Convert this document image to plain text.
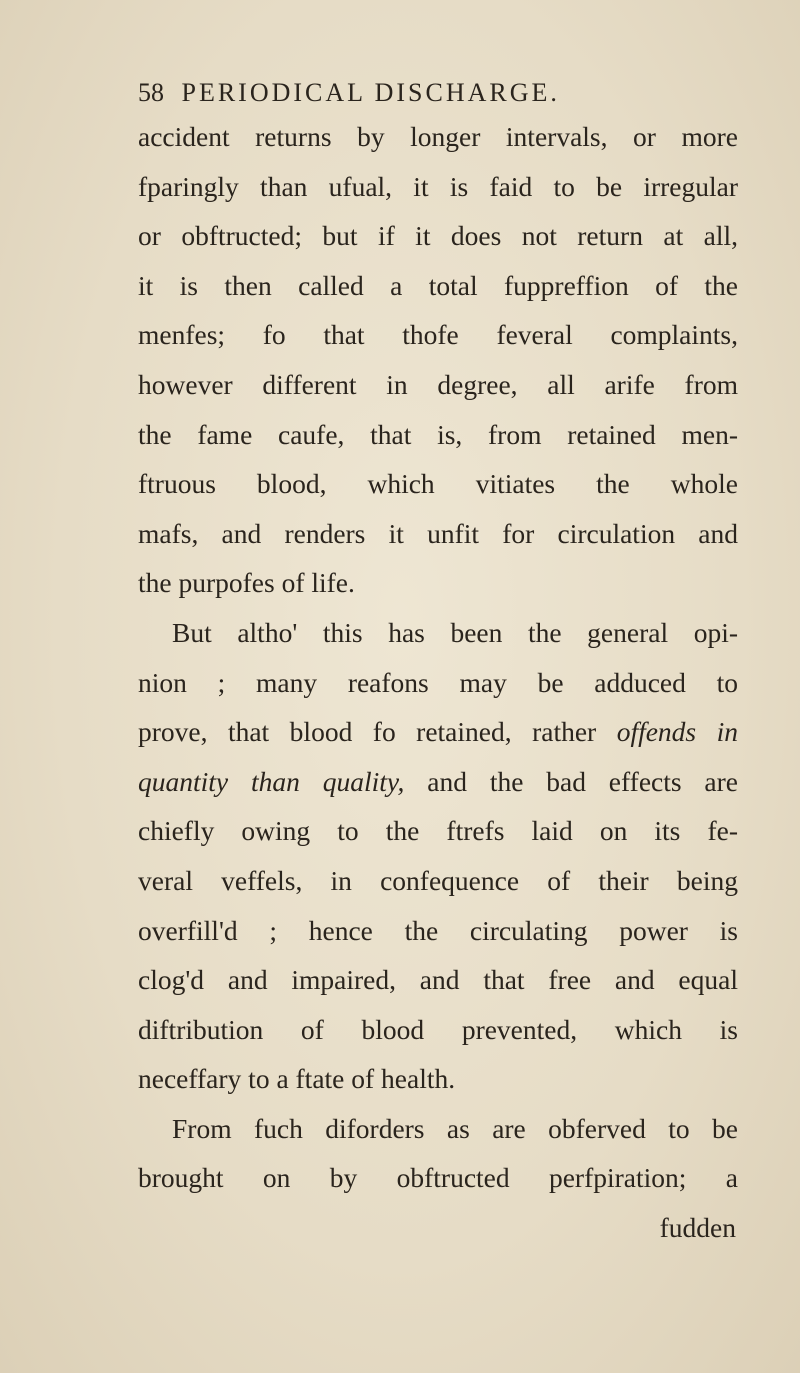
58 PERIODICAL DISCHARGE.
accident returns by longer intervals, or more
fparingly than ufual, it is faid to be irregular
or obftructed; but if it does not return at all,
it is then called a total fuppreffion of the
menfes; fo that thofe feveral complaints,
however different in degree, all arife from
the fame caufe, that is, from retained men-
ftruous blood, which vitiates the whole
mafs, and renders it unfit for circulation and
the purpofes of life.
But altho' this has been the general opi-
nion ; many reafons may be adduced to
prove, that blood fo retained, rather offends in
quantity than quality, and the bad effects are
chiefly owing to the ftrefs laid on its fe-
veral veffels, in confequence of their being
overfill'd ; hence the circulating power is
clog'd and impaired, and that free and equal
diftribution of blood prevented, which is
neceffary to a ftate of health.
From fuch diforders as are obferved to be
brought on by obftructed perfpiration; a
fudden
